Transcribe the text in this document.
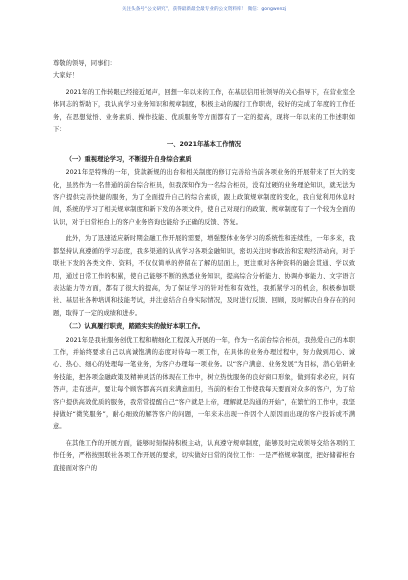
关注头条号“公文研究”，获得最新最全最专业的公文资料库！ 微信：gongwenzj

尊敬的领导，同事们：

大家好！

2021年的工作转眼已经接近尾声，回想一年以来的工作，在基层信用社领导的关心指导下，在营业室全体同志的帮助下，我认真学习业务知识和规章制度，积极主动的履行工作职责，较好的完成了年度的工作任务，在思想觉悟、业务素质、操作技能、优质服务等方面都有了一定的提高，现将一年以来的工作述职如下：

一、2021年基本工作情况

（一）重视理论学习，不断提升自身综合素质

2021年是特殊的一年，贷款新规的出台和相关制度的修订完善给当前各项业务的开展带来了巨大的变化，虽然作为一名普通的前台综合柜员，但我深知作为一名综合柜员，没有过硬的业务理论知识，就无法为客户提供完善快捷的服务，为了全面提升自己的综合素质，跟上政策规章制度的变化，我自觉利用休息时间，系统的学习了相关规章制度和新下发的各项文件，使自己对现行的政策、规章制度有了一个较为全面的认识，对于日常柜台上的客户业务咨询也能给予正确的反馈、答复。

此外，为了迅速适应新时期金融工作开展的需要，增强整体业务学习的系统性和连续性，一年多来，我都坚持认真遵循的学习态度，我多渠道的认真学习各项金融知识，密切关注时事政治和宏观经济动向，对于联社下发的各类文件、资料，不仅仅简单的停留在了解的层面上，更注重对各种资料的融会贯通、学以致用，通过日常工作的积累，使自己能够不断的熟悉业务知识，提高综合分析能力、协调办事能力、文字语言表达能力等方面，都有了很大的提高，为了保证学习的针对性和有效性，我抓紧学习的机会，积极参加联社、基层社各种培训和技能考试，并注意结合自身实际情况，及时进行反馈、回顾，及时解决自身存在的问题，取得了一定的成绩和进步。

（二）认真履行职责，踏踏实实的做好本职工作。

2021年是我社服务创优工程和精细化工程深入开展的一年，作为一名前台综合柜员，我热爱自己的本职工作，并始终要求自己以真诚饱满的态度对待每一项工作，在具体的业务办理过程中，努力做到用心、诚心、热心、细心的处理每一笔业务，为客户办理每一项业务。以“客户满意、业务发展”为目标，潜心钻研业务技能，把各项金融政策及精神灵活的体现在工作中，树立热忱服务的良好窗口形象，做到有求必应，问有答声，走有送声，要让每个顾客都高兴而来满意而归，当前的柜台工作使我每天要面对众多的客户，为了给客户提供高效优质的服务，我常常提醒自己“客户就是上帝，理解就是沟通的开始”，在繁忙的工作中，我坚持做好“微笑服务”，耐心细致的解答客户的问题，一年来未出现一件因个人原因而出现的客户投诉或不满意。

在其他工作的开展方面，能够时刻保持积极主动，认真遵守规章制度，能够及时完成领导交给各项的工作任务，严格按照联社各项工作开展的要求，切实做好日常的岗位工作：一是严格规章制度，把好储蓄柜台直接面对客户的
